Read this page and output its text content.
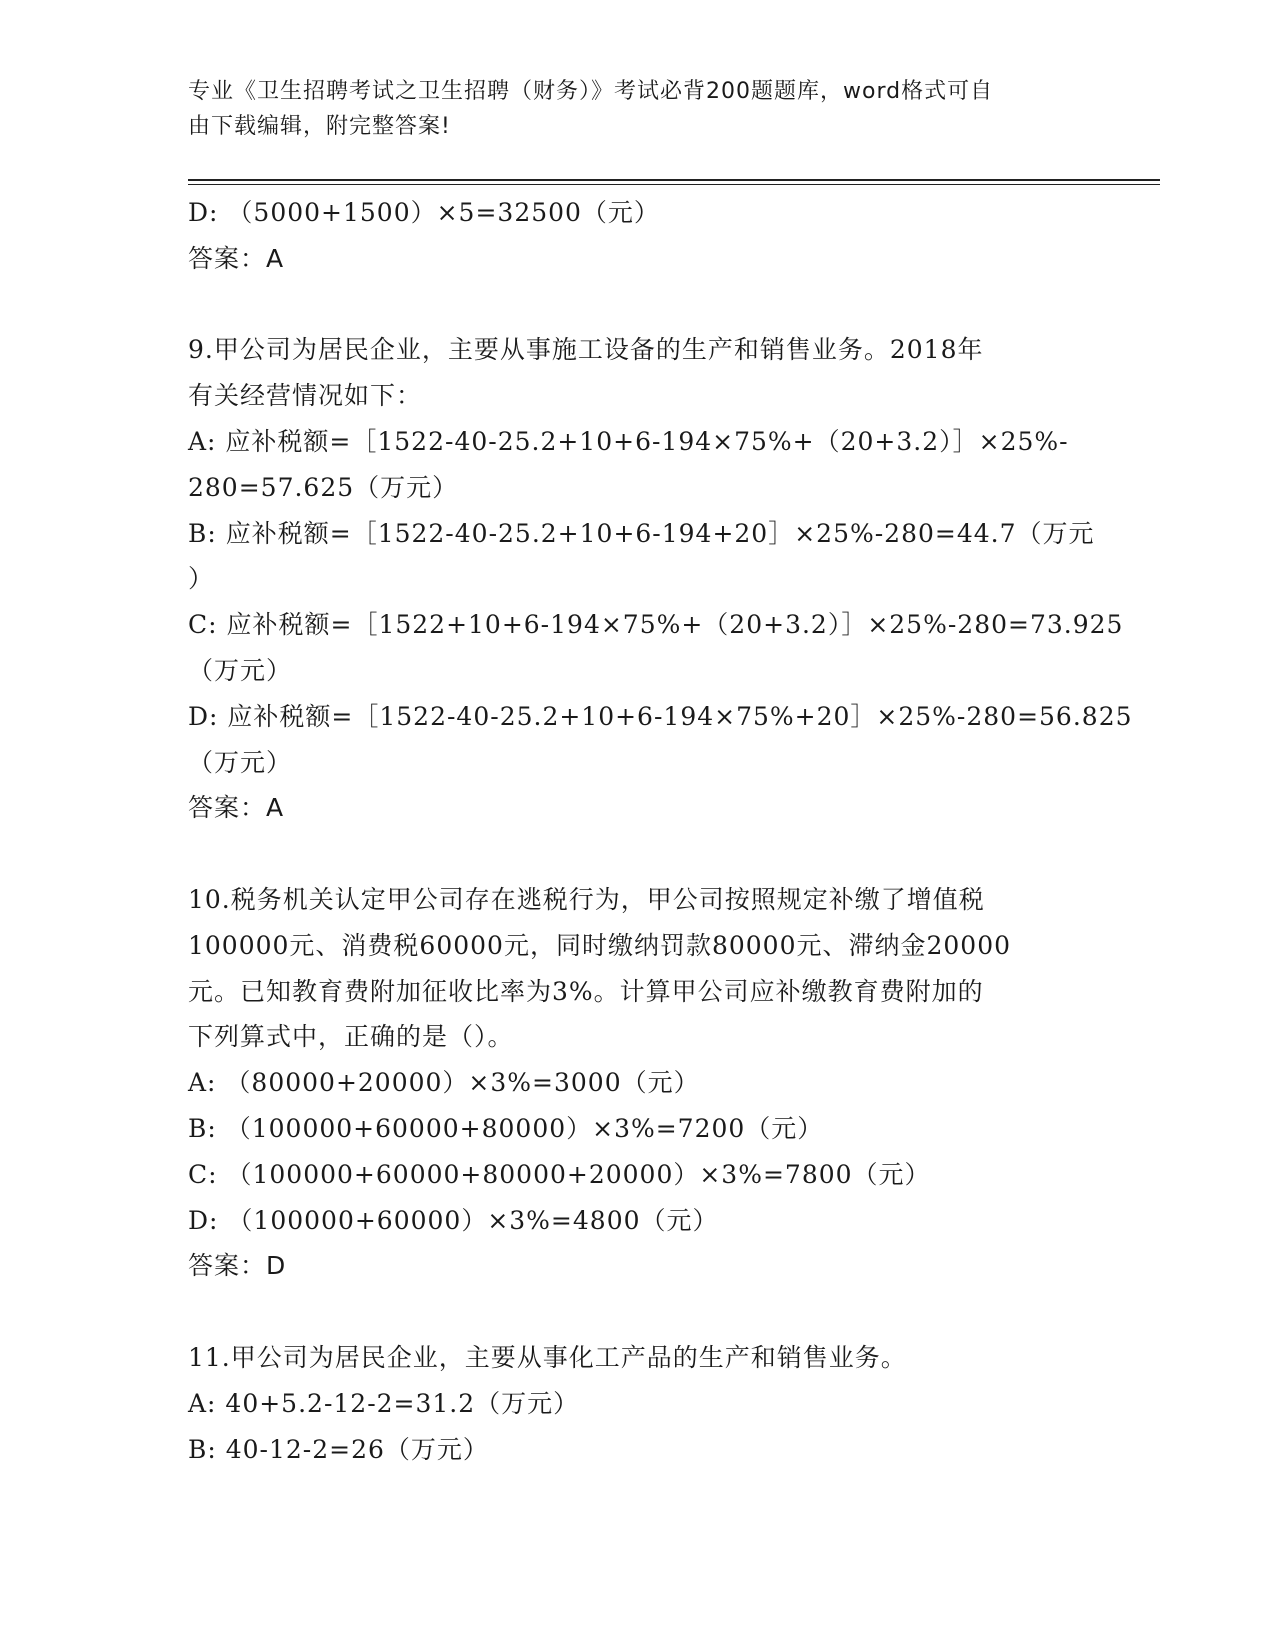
专业《卫生招聘考试之卫生招聘（财务）》考试必背200题题库，word格式可自
由下载编辑，附完整答案!
D: （5000+1500）×5=32500（元）
答案：A
9.甲公司为居民企业，主要从事施工设备的生产和销售业务。2018年
有关经营情况如下：
A: 应补税额=［1522-40-25.2+10+6-194×75%+（20+3.2）］×25%-
280=57.625（万元）
B: 应补税额=［1522-40-25.2+10+6-194+20］×25%-280=44.7（万元
）
C: 应补税额=［1522+10+6-194×75%+（20+3.2）］×25%-280=73.925
（万元）
D: 应补税额=［1522-40-25.2+10+6-194×75%+20］×25%-280=56.825
（万元）
答案：A
10.税务机关认定甲公司存在逃税行为，甲公司按照规定补缴了增值税
100000元、消费税60000元，同时缴纳罚款80000元、滞纳金20000
元。已知教育费附加征收比率为3%。计算甲公司应补缴教育费附加的
下列算式中，正确的是（）。
A: （80000+20000）×3%=3000（元）
B: （100000+60000+80000）×3%=7200（元）
C: （100000+60000+80000+20000）×3%=7800（元）
D: （100000+60000）×3%=4800（元）
答案：D
11.甲公司为居民企业，主要从事化工产品的生产和销售业务。
A: 40+5.2-12-2=31.2（万元）
B: 40-12-2=26（万元）
